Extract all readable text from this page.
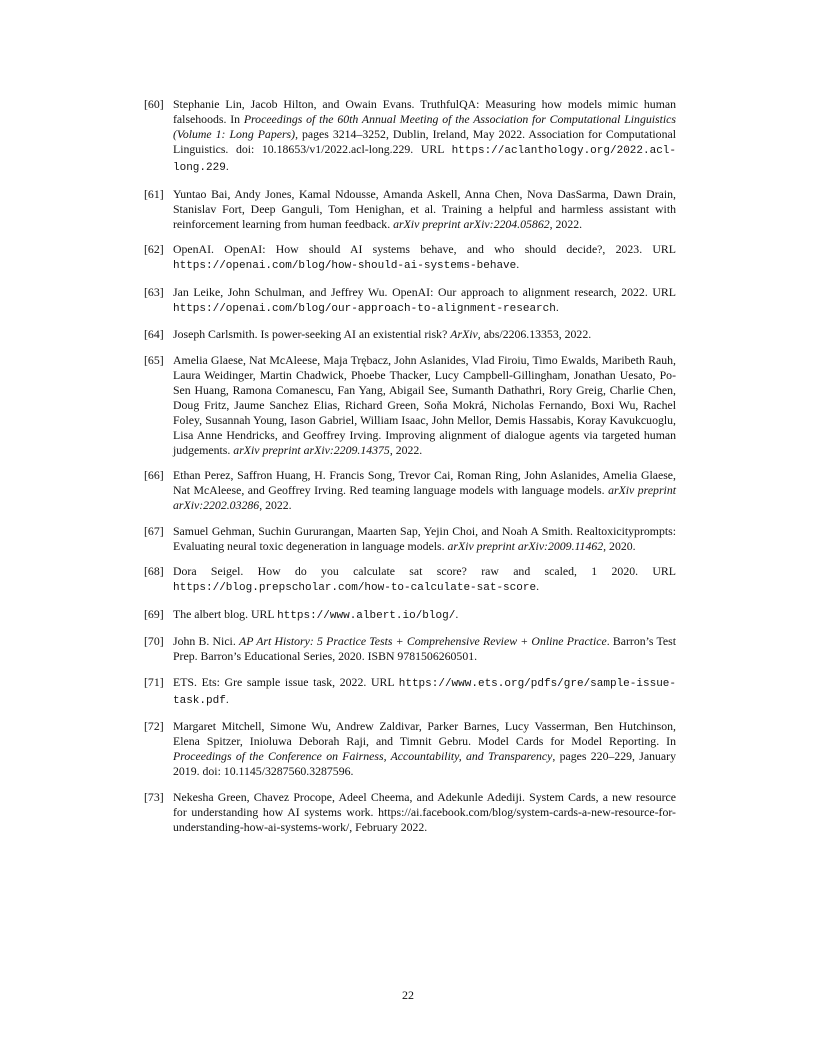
[60] Stephanie Lin, Jacob Hilton, and Owain Evans. TruthfulQA: Measuring how models mimic human falsehoods. In Proceedings of the 60th Annual Meeting of the Association for Computational Linguistics (Volume 1: Long Papers), pages 3214–3252, Dublin, Ireland, May 2022. Association for Computational Linguistics. doi: 10.18653/v1/2022.acl-long.229. URL https://aclanthology.org/2022.acl-long.229.
[61] Yuntao Bai, Andy Jones, Kamal Ndousse, Amanda Askell, Anna Chen, Nova DasSarma, Dawn Drain, Stanislav Fort, Deep Ganguli, Tom Henighan, et al. Training a helpful and harmless assistant with reinforcement learning from human feedback. arXiv preprint arXiv:2204.05862, 2022.
[62] OpenAI. OpenAI: How should AI systems behave, and who should decide?, 2023. URL https://openai.com/blog/how-should-ai-systems-behave.
[63] Jan Leike, John Schulman, and Jeffrey Wu. OpenAI: Our approach to alignment research, 2022. URL https://openai.com/blog/our-approach-to-alignment-research.
[64] Joseph Carlsmith. Is power-seeking AI an existential risk? ArXiv, abs/2206.13353, 2022.
[65] Amelia Glaese, Nat McAleese, Maja Trębacz, John Aslanides, Vlad Firoiu, Timo Ewalds, Maribeth Rauh, Laura Weidinger, Martin Chadwick, Phoebe Thacker, Lucy Campbell-Gillingham, Jonathan Uesato, Po-Sen Huang, Ramona Comanescu, Fan Yang, Abigail See, Sumanth Dathathri, Rory Greig, Charlie Chen, Doug Fritz, Jaume Sanchez Elias, Richard Green, Soňa Mokrá, Nicholas Fernando, Boxi Wu, Rachel Foley, Susannah Young, Iason Gabriel, William Isaac, John Mellor, Demis Hassabis, Koray Kavukcuoglu, Lisa Anne Hendricks, and Geoffrey Irving. Improving alignment of dialogue agents via targeted human judgements. arXiv preprint arXiv:2209.14375, 2022.
[66] Ethan Perez, Saffron Huang, H. Francis Song, Trevor Cai, Roman Ring, John Aslanides, Amelia Glaese, Nat McAleese, and Geoffrey Irving. Red teaming language models with language models. arXiv preprint arXiv:2202.03286, 2022.
[67] Samuel Gehman, Suchin Gururangan, Maarten Sap, Yejin Choi, and Noah A Smith. Realtoxicityprompts: Evaluating neural toxic degeneration in language models. arXiv preprint arXiv:2009.11462, 2020.
[68] Dora Seigel. How do you calculate sat score? raw and scaled, 1 2020. URL https://blog.prepscholar.com/how-to-calculate-sat-score.
[69] The albert blog. URL https://www.albert.io/blog/.
[70] John B. Nici. AP Art History: 5 Practice Tests + Comprehensive Review + Online Practice. Barron’s Test Prep. Barron’s Educational Series, 2020. ISBN 9781506260501.
[71] ETS. Ets: Gre sample issue task, 2022. URL https://www.ets.org/pdfs/gre/sample-issue-task.pdf.
[72] Margaret Mitchell, Simone Wu, Andrew Zaldivar, Parker Barnes, Lucy Vasserman, Ben Hutchinson, Elena Spitzer, Inioluwa Deborah Raji, and Timnit Gebru. Model Cards for Model Reporting. In Proceedings of the Conference on Fairness, Accountability, and Transparency, pages 220–229, January 2019. doi: 10.1145/3287560.3287596.
[73] Nekesha Green, Chavez Procope, Adeel Cheema, and Adekunle Adediji. System Cards, a new resource for understanding how AI systems work. https://ai.facebook.com/blog/system-cards-a-new-resource-for-understanding-how-ai-systems-work/, February 2022.
22
